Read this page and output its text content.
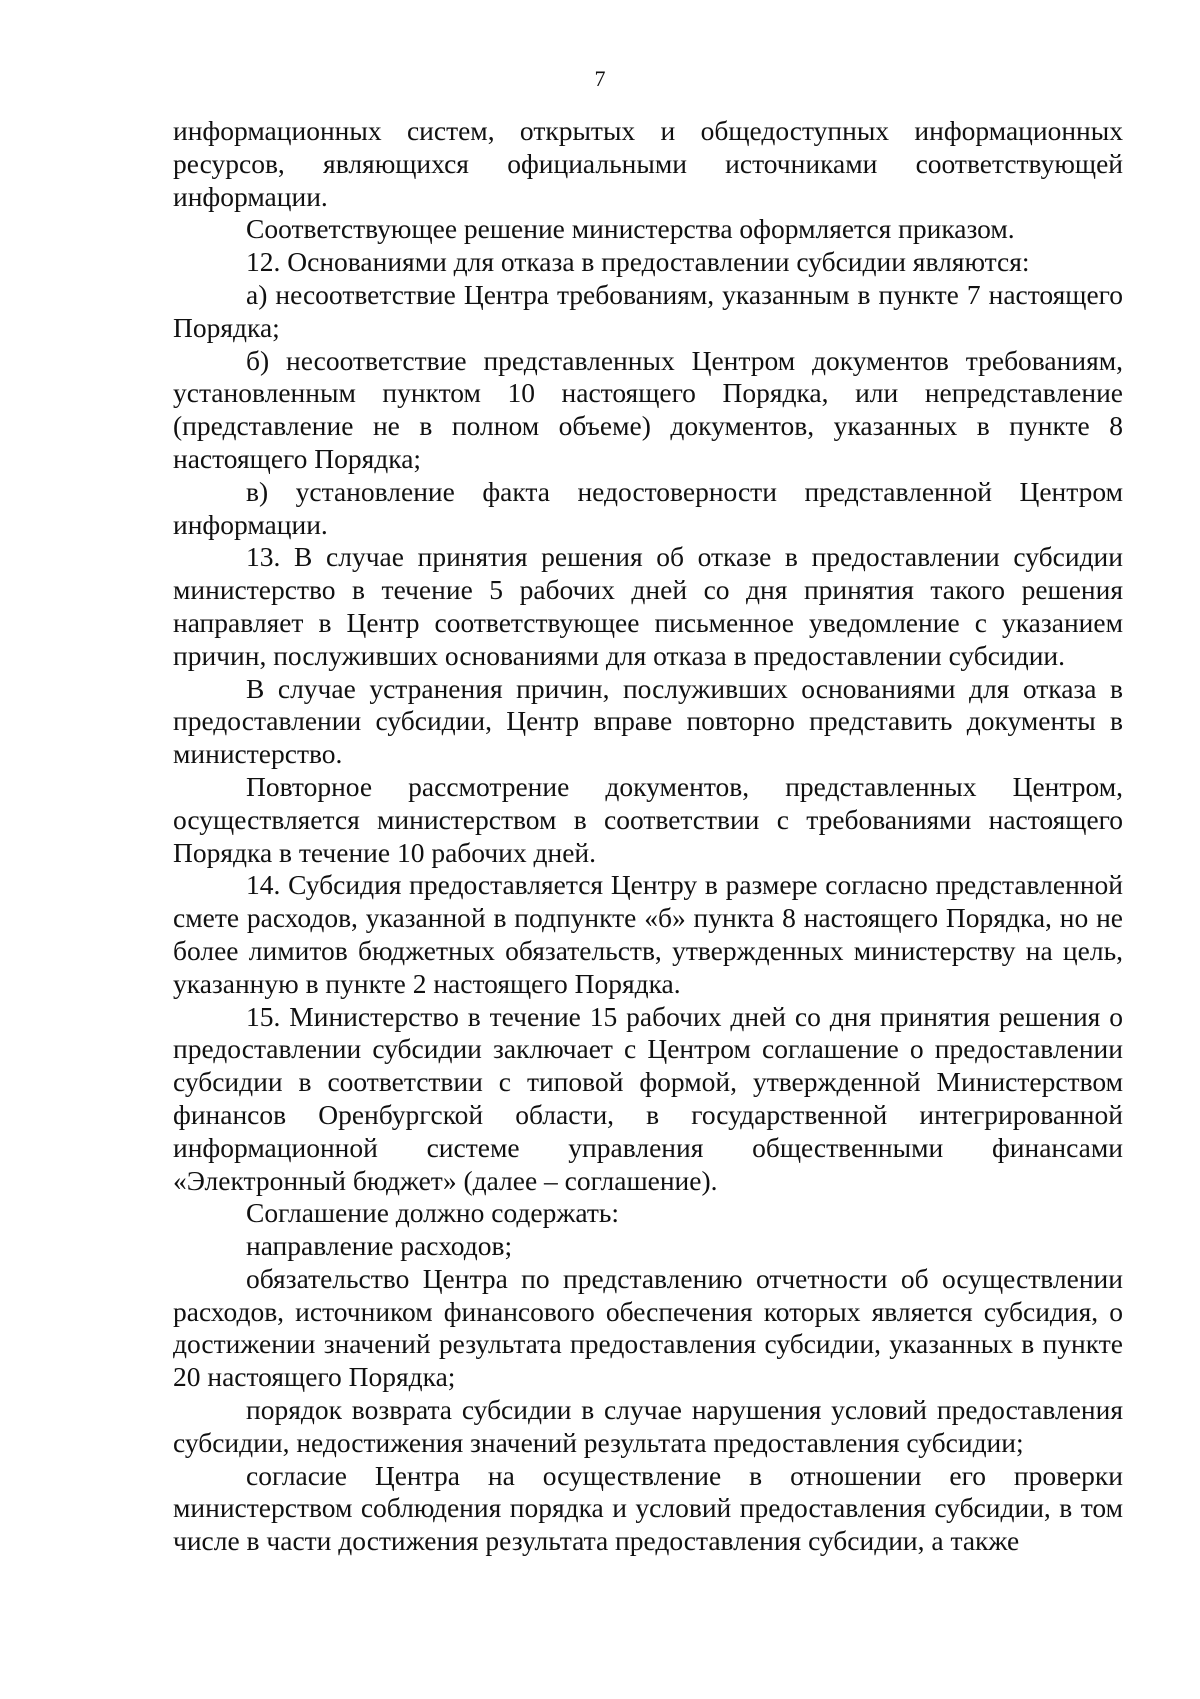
7

информационных систем, открытых и общедоступных информационных ресурсов, являющихся официальными источниками соответствующей информации.

Соответствующее решение министерства оформляется приказом.

12. Основаниями для отказа в предоставлении субсидии являются:

а) несоответствие Центра требованиям, указанным в пункте 7 настоящего Порядка;

б) несоответствие представленных Центром документов требованиям, установленным пунктом 10 настоящего Порядка, или непредставление (представление не в полном объеме) документов, указанных в пункте 8 настоящего Порядка;

в) установление факта недостоверности представленной Центром информации.

13. В случае принятия решения об отказе в предоставлении субсидии министерство в течение 5 рабочих дней со дня принятия такого решения направляет в Центр соответствующее письменное уведомление с указанием причин, послуживших основаниями для отказа в предоставлении субсидии.

В случае устранения причин, послуживших основаниями для отказа в предоставлении субсидии, Центр вправе повторно представить документы в министерство.

Повторное рассмотрение документов, представленных Центром, осуществляется министерством в соответствии с требованиями настоящего Порядка в течение 10 рабочих дней.

14. Субсидия предоставляется Центру в размере согласно представленной смете расходов, указанной в подпункте «б» пункта 8 настоящего Порядка, но не более лимитов бюджетных обязательств, утвержденных министерству на цель, указанную в пункте 2 настоящего Порядка.

15. Министерство в течение 15 рабочих дней со дня принятия решения о предоставлении субсидии заключает с Центром соглашение о предоставлении субсидии в соответствии с типовой формой, утвержденной Министерством финансов Оренбургской области, в государственной интегрированной информационной системе управления общественными финансами «Электронный бюджет» (далее – соглашение).

Соглашение должно содержать:

направление расходов;

обязательство Центра по представлению отчетности об осуществлении расходов, источником финансового обеспечения которых является субсидия, о достижении значений результата предоставления субсидии, указанных в пункте 20 настоящего Порядка;

порядок возврата субсидии в случае нарушения условий предоставления субсидии, недостижения значений результата предоставления субсидии;

согласие Центра на осуществление в отношении его проверки министерством соблюдения порядка и условий предоставления субсидии, в том числе в части достижения результата предоставления субсидии, а также
